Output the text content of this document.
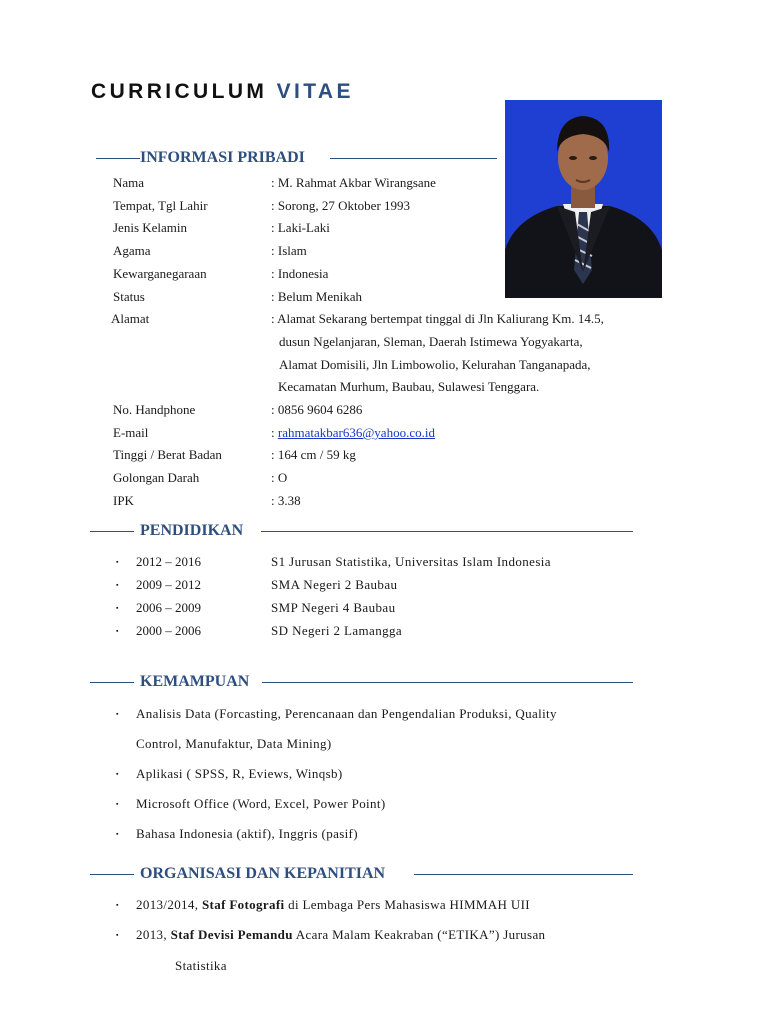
CURRICULUM VITAE
INFORMASI PRIBADI
Nama	: M. Rahmat Akbar Wirangsane
Tempat, Tgl Lahir	: Sorong, 27 Oktober 1993
Jenis Kelamin	: Laki-Laki
Agama	: Islam
Kewarganegaraan	: Indonesia
Status	: Belum Menikah
Alamat	: Alamat Sekarang bertempat tinggal di Jln Kaliurang Km. 14.5,
dusun Ngelanjaran, Sleman, Daerah Istimewa Yogyakarta,
Alamat Domisili, Jln Limbowolio, Kelurahan Tanganapada,
Kecamatan Murhum, Baubau, Sulawesi Tenggara.
No. Handphone	: 0856 9604 6286
E-mail	: rahmatakbar636@yahoo.co.id
Tinggi / Berat Badan	: 164 cm / 59 kg
Golongan Darah	: O
IPK	: 3.38
PENDIDIKAN
▪ 2012 – 2016	S1 Jurusan Statistika, Universitas Islam Indonesia
▪ 2009 – 2012	SMA Negeri 2 Baubau
▪ 2006 – 2009	SMP Negeri 4 Baubau
▪ 2000 – 2006	SD Negeri 2 Lamangga
KEMAMPUAN
▪ Analisis Data (Forcasting, Perencanaan dan Pengendalian Produksi, Quality
Control, Manufaktur, Data Mining)
▪ Aplikasi ( SPSS, R, Eviews, Winqsb)
▪ Microsoft Office (Word, Excel, Power Point)
▪ Bahasa Indonesia (aktif), Inggris (pasif)
ORGANISASI DAN KEPANITIAN
▪ 2013/2014, Staf Fotografi di Lembaga Pers Mahasiswa HIMMAH UII
▪ 2013, Staf Devisi Pemandu Acara Malam Keakraban (“ETIKA”) Jurusan
Statistika
